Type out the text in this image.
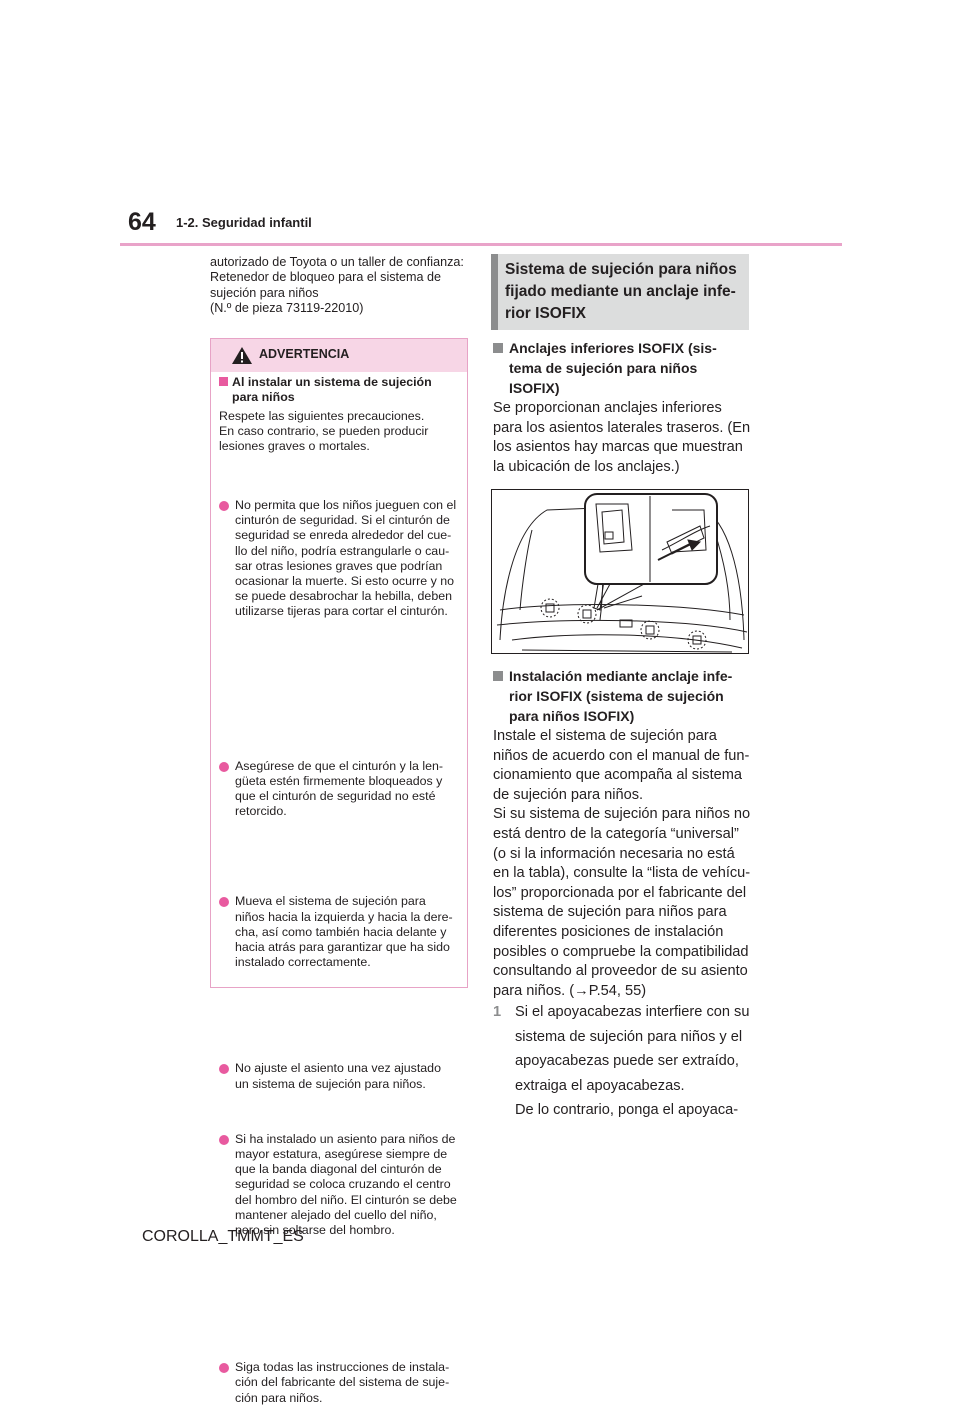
64 1-2. Seguridad infantil
autorizado de Toyota o un taller de confianza:
Retenedor de bloqueo para el sistema de
sujeción para niños
(N.º de pieza 73119-22010)
ADVERTENCIA
Al instalar un sistema de sujeción
para niños
Respete las siguientes precauciones.
En caso contrario, se pueden producir
lesiones graves o mortales.
No permita que los niños jueguen con el
cinturón de seguridad. Si el cinturón de
seguridad se enreda alrededor del cue-
llo del niño, podría estrangularle o cau-
sar otras lesiones graves que podrían
ocasionar la muerte. Si esto ocurre y no
se puede desabrochar la hebilla, deben
utilizarse tijeras para cortar el cinturón.
Asegúrese de que el cinturón y la len-
güeta estén firmemente bloqueados y
que el cinturón de seguridad no esté
retorcido.
Mueva el sistema de sujeción para
niños hacia la izquierda y hacia la dere-
cha, así como también hacia delante y
hacia atrás para garantizar que ha sido
instalado correctamente.
No ajuste el asiento una vez ajustado
un sistema de sujeción para niños.
Si ha instalado un asiento para niños de
mayor estatura, asegúrese siempre de
que la banda diagonal del cinturón de
seguridad se coloca cruzando el centro
del hombro del niño. El cinturón se debe
mantener alejado del cuello del niño,
pero sin soltarse del hombro.
Siga todas las instrucciones de instala-
ción del fabricante del sistema de suje-
ción para niños.
Sistema de sujeción para niños
fijado mediante un anclaje infe-
rior ISOFIX
Anclajes inferiores ISOFIX (sis-
tema de sujeción para niños
ISOFIX)
Se proporcionan anclajes inferiores
para los asientos laterales traseros. (En
los asientos hay marcas que muestran
la ubicación de los anclajes.)
Instalación mediante anclaje infe-
rior ISOFIX (sistema de sujeción
para niños ISOFIX)
Instale el sistema de sujeción para
niños de acuerdo con el manual de fun-
cionamiento que acompaña al sistema
de sujeción para niños.
Si su sistema de sujeción para niños no
está dentro de la categoría “universal”
(o si la información necesaria no está
en la tabla), consulte la “lista de vehícu-
los” proporcionada por el fabricante del
sistema de sujeción para niños para
diferentes posiciones de instalación
posibles o compruebe la compatibilidad
consultando al proveedor de su asiento
para niños. (→P.54, 55)
1 Si el apoyacabezas interfiere con su
sistema de sujeción para niños y el
apoyacabezas puede ser extraído,
extraiga el apoyacabezas.
De lo contrario, ponga el apoyaca-
COROLLA_TMMT_ES
